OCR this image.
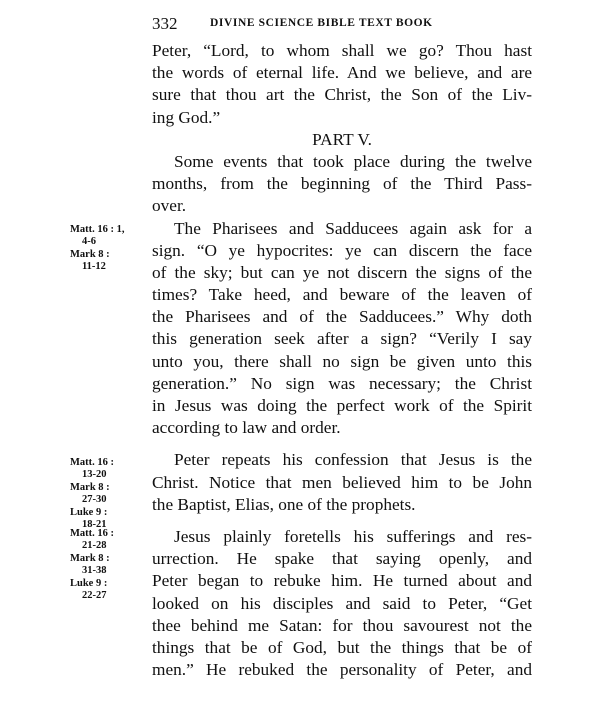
332	DIVINE SCIENCE BIBLE TEXT BOOK
Peter, “Lord, to whom shall we go? Thou hast
the words of eternal life. And we believe, and are
sure that thou art the Christ, the Son of the Liv-
ing God.”
PART V.
Some events that took place during the twelve
months, from the beginning of the Third Pass-
over.
The Pharisees and Sadducees again ask for a
sign. “O ye hypocrites: ye can discern the face
of the sky; but can ye not discern the signs of the
times? Take heed, and beware of the leaven of
the Pharisees and of the Sadducees.” Why doth
this generation seek after a sign? “Verily I say
unto you, there shall no sign be given unto this
generation.” No sign was necessary; the Christ
in Jesus was doing the perfect work of the Spirit
according to law and order.
Peter repeats his confession that Jesus is the
Christ. Notice that men believed him to be John
the Baptist, Elias, one of the prophets.
Jesus plainly foretells his sufferings and res-
urrection. He spake that saying openly, and
Peter began to rebuke him. He turned about and
looked on his disciples and said to Peter, “Get
thee behind me Satan: for thou savourest not the
things that be of God, but the things that be of
men.” He rebuked the personality of Peter, and
Matt. 16 : 1,
4-6
Mark 8 :
11-12
Matt. 16 :
13-20
Mark 8 :
27-30
Luke 9 :
18-21
Matt. 16 :
21-28
Mark 8 :
31-38
Luke 9 :
22-27
